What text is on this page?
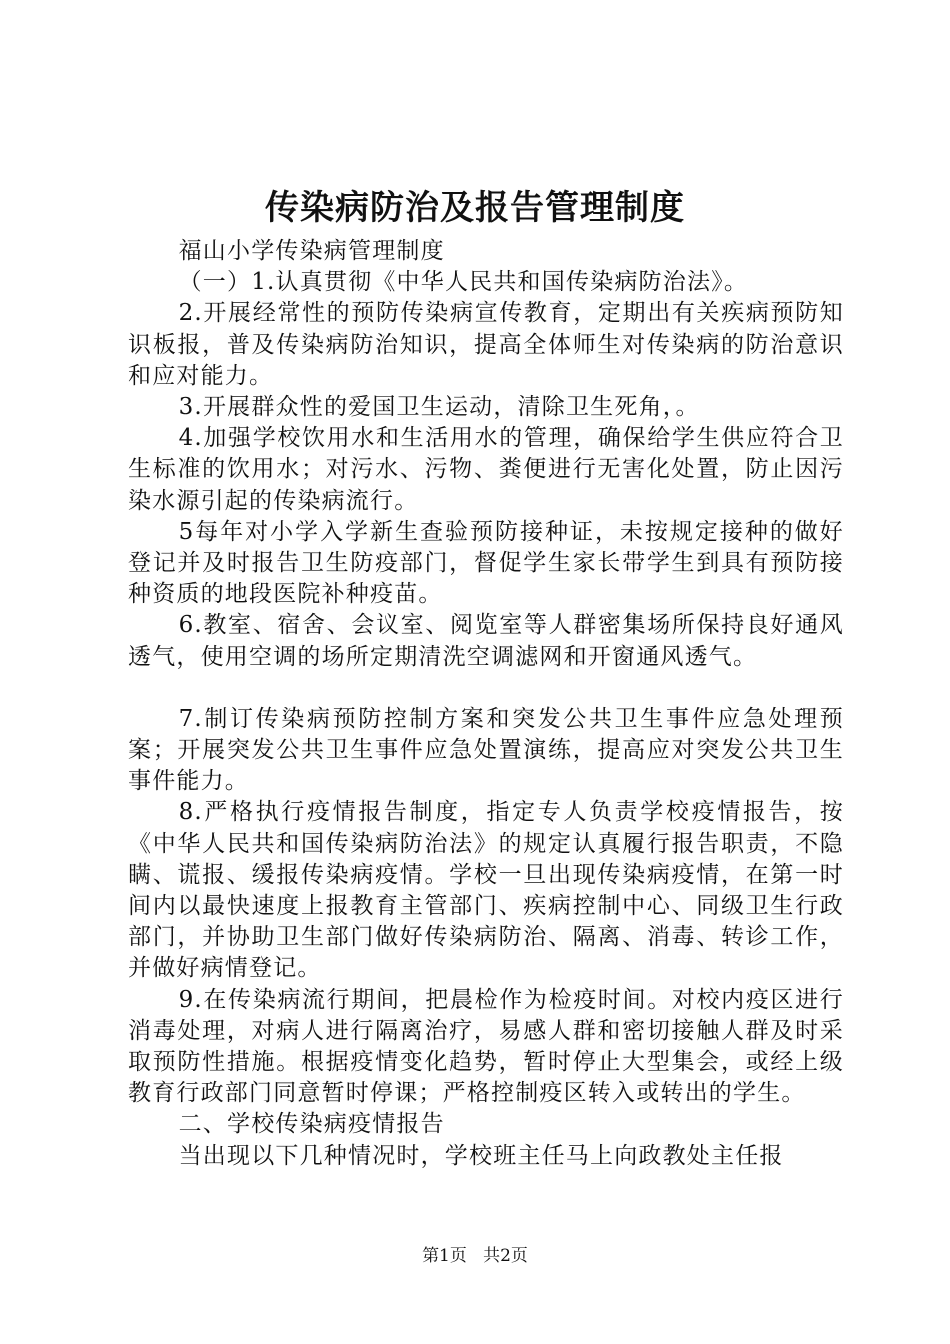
传染病防治及报告管理制度

福山小学传染病管理制度

（一）1.认真贯彻《中华人民共和国传染病防治法》。

2.开展经常性的预防传染病宣传教育，定期出有关疾病预防知识板报，普及传染病防治知识，提高全体师生对传染病的防治意识和应对能力。

3.开展群众性的爱国卫生运动，清除卫生死角，。

4.加强学校饮用水和生活用水的管理，确保给学生供应符合卫生标准的饮用水；对污水、污物、粪便进行无害化处置，防止因污染水源引起的传染病流行。

5每年对小学入学新生查验预防接种证，未按规定接种的做好登记并及时报告卫生防疫部门，督促学生家长带学生到具有预防接种资质的地段医院补种疫苗。

6.教室、宿舍、会议室、阅览室等人群密集场所保持良好通风透气，使用空调的场所定期清洗空调滤网和开窗通风透气。

7.制订传染病预防控制方案和突发公共卫生事件应急处理预案；开展突发公共卫生事件应急处置演练，提高应对突发公共卫生事件能力。

8.严格执行疫情报告制度，指定专人负责学校疫情报告，按《中华人民共和国传染病防治法》的规定认真履行报告职责，不隐瞒、谎报、缓报传染病疫情。学校一旦出现传染病疫情，在第一时间内以最快速度上报教育主管部门、疾病控制中心、同级卫生行政部门，并协助卫生部门做好传染病防治、隔离、消毒、转诊工作，并做好病情登记。

9.在传染病流行期间，把晨检作为检疫时间。对校内疫区进行消毒处理，对病人进行隔离治疗，易感人群和密切接触人群及时采取预防性措施。根据疫情变化趋势，暂时停止大型集会，或经上级教育行政部门同意暂时停课；严格控制疫区转入或转出的学生。

二、学校传染病疫情报告

当出现以下几种情况时，学校班主任马上向政教处主任报

第1页 共2页
